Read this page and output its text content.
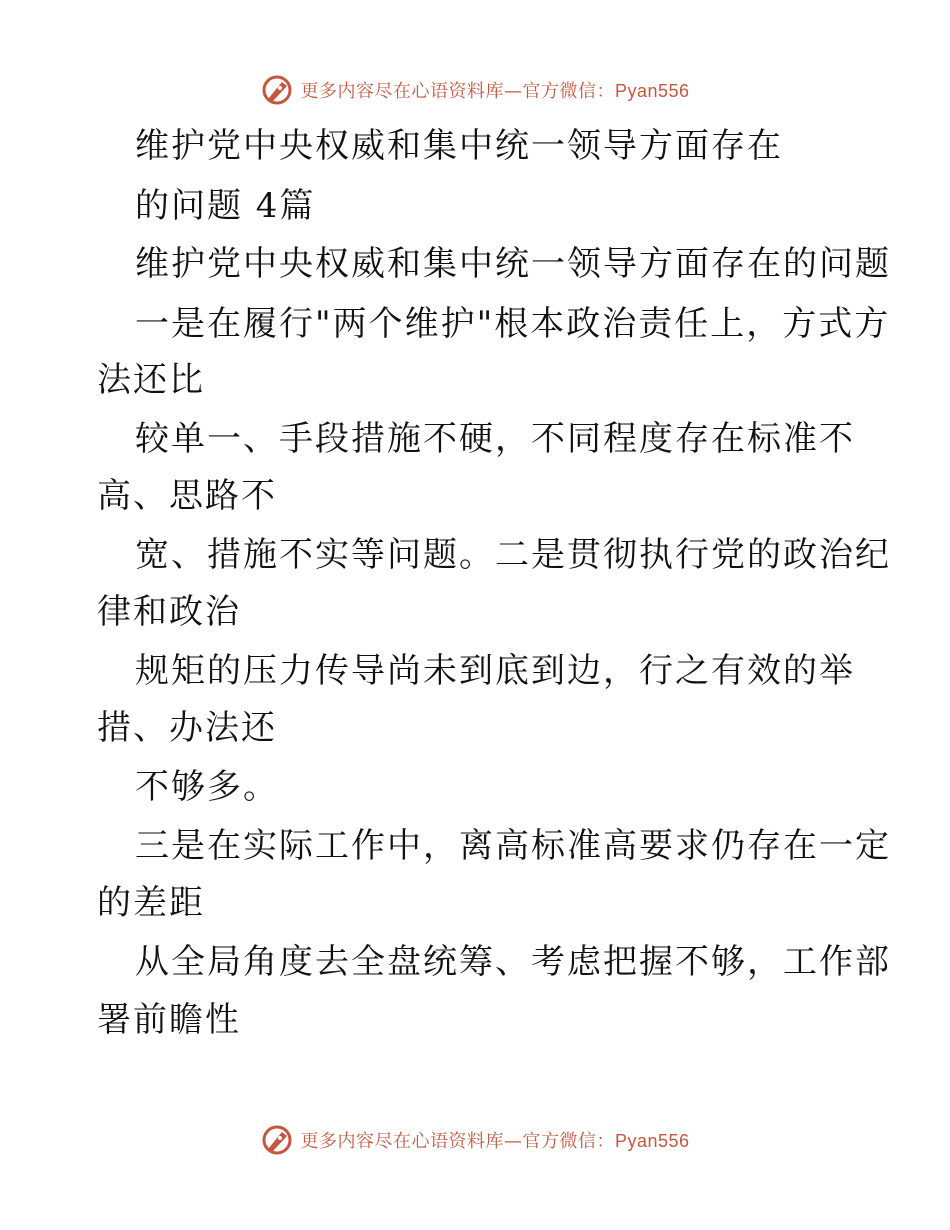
更多内容尽在心语资料库—官方微信：Pyan556

维护党中央权威和集中统一领导方面存在

的问题 4篇

维护党中央权威和集中统一领导方面存在的问题

一是在履行"两个维护"根本政治责任上，方式方

法还比

较单一、手段措施不硬，不同程度存在标准不

高、思路不

宽、措施不实等问题。二是贯彻执行党的政治纪

律和政治

规矩的压力传导尚未到底到边，行之有效的举

措、办法还

不够多。

三是在实际工作中，离高标准高要求仍存在一定

的差距

从全局角度去全盘统筹、考虑把握不够，工作部

署前瞻性

更多内容尽在心语资料库—官方微信：Pyan556
